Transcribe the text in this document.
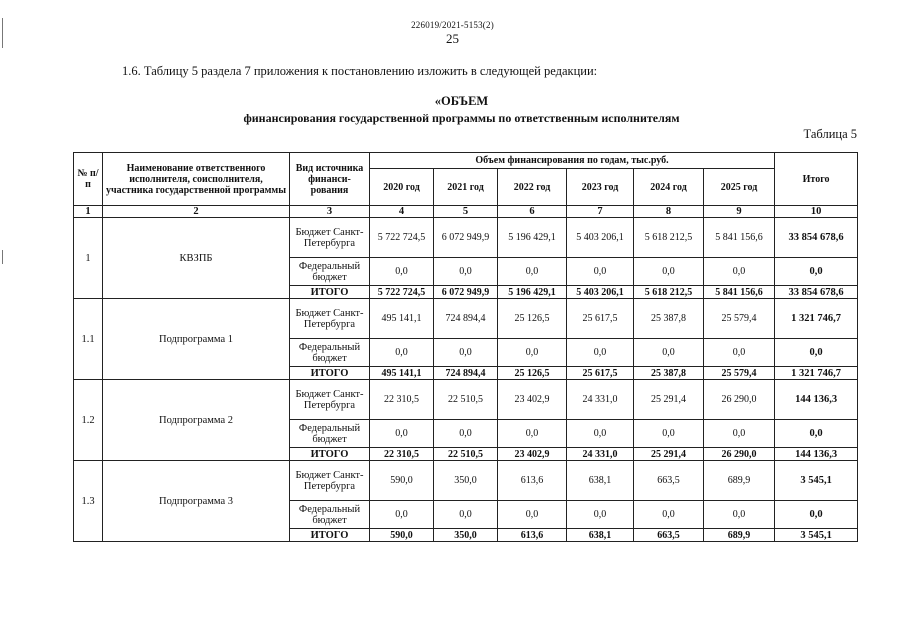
226019/2021-5153(2)
25
1.6. Таблицу 5 раздела 7 приложения к постановлению изложить в следующей редакции:
«ОБЪЕМ
финансирования государственной программы по ответственным исполнителям
Таблица 5
№ п/п	Наименование ответственного исполнителя, соисполнителя, участника государственной программы	Вид источника финанси- рования	Объем финансирования по годам, тыс.руб.						Итого
			2020 год	2021 год	2022 год	2023 год	2024 год	2025 год	
1	2	3	4	5	6	7	8	9	10
1	КВЗПБ	Бюджет Санкт-Петербурга	5 722 724,5	6 072 949,9	5 196 429,1	5 403 206,1	5 618 212,5	5 841 156,6	33 854 678,6
		Федеральный бюджет	0,0	0,0	0,0	0,0	0,0	0,0	0,0
		ИТОГО	5 722 724,5	6 072 949,9	5 196 429,1	5 403 206,1	5 618 212,5	5 841 156,6	33 854 678,6
1.1	Подпрограмма 1	Бюджет Санкт-Петербурга	495 141,1	724 894,4	25 126,5	25 617,5	25 387,8	25 579,4	1 321 746,7
		Федеральный бюджет	0,0	0,0	0,0	0,0	0,0	0,0	0,0
		ИТОГО	495 141,1	724 894,4	25 126,5	25 617,5	25 387,8	25 579,4	1 321 746,7
1.2	Подпрограмма 2	Бюджет Санкт-Петербурга	22 310,5	22 510,5	23 402,9	24 331,0	25 291,4	26 290,0	144 136,3
		Федеральный бюджет	0,0	0,0	0,0	0,0	0,0	0,0	0,0
		ИТОГО	22 310,5	22 510,5	23 402,9	24 331,0	25 291,4	26 290,0	144 136,3
1.3	Подпрограмма 3	Бюджет Санкт-Петербурга	590,0	350,0	613,6	638,1	663,5	689,9	3 545,1
		Федеральный бюджет	0,0	0,0	0,0	0,0	0,0	0,0	0,0
		ИТОГО	590,0	350,0	613,6	638,1	663,5	689,9	3 545,1
